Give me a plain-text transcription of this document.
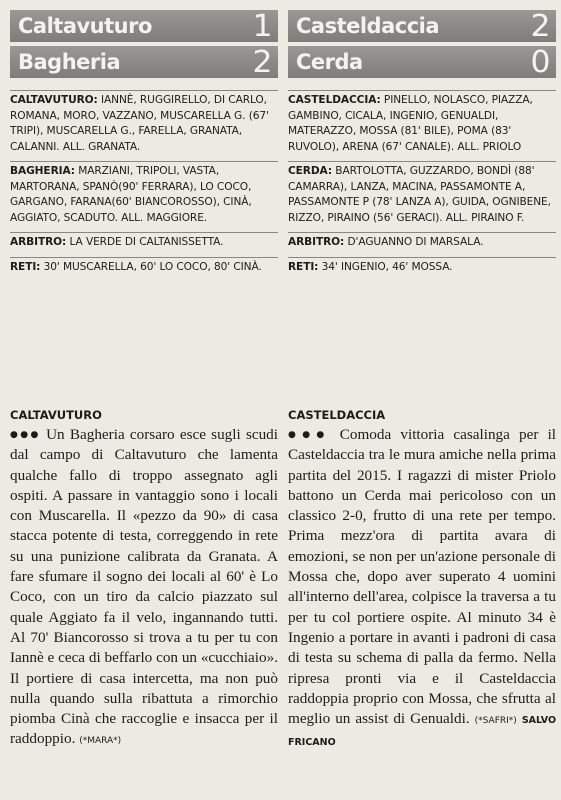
Caltavuturo	1
Bagheria	2
CALTAVUTURO: IANNÈ, RUGGIRELLO, DI CARLO, ROMANA, MORO, VAZZANO, MUSCARELLA G. (67' TRIPI), MUSCARELLA G., FARELLA, GRANATA, CALANNI. ALL. GRANATA.
BAGHERIA: MARZIANI, TRIPOLI, VASTA, MARTORANA, SPANÒ(90' FERRARA), LO COCO, GARGANO, FARANA(60' BIANCOROSSO), CINÀ, AGGIATO, SCADUTO. ALL. MAGGIORE.
ARBITRO: LA VERDE DI CALTANISSETTA.
RETI: 30' MUSCARELLA, 60' LO COCO, 80' CINÀ.
Casteldaccia	2
Cerda	0
CASTELDACCIA: PINELLO, NOLASCO, PIAZZA, GAMBINO, CICALA, INGENIO, GENUALDI, MATERAZZO, MOSSA (81' BILE), POMA (83' RUVOLO), ARENA (67' CANALE). ALL. PRIOLO
CERDA: BARTOLOTTA, GUZZARDO, BONDÌ (88' CAMARRA), LANZA, MACINA, PASSAMONTE A, PASSAMONTE P (78' LANZA A), GUIDA, OGNIBENE, RIZZO, PIRAINO (56' GERACI). ALL. PIRAINO F.
ARBITRO: D'AGUANNO DI MARSALA.
RETI: 34' INGENIO, 46' MOSSA.
CALTAVUTURO
●●● Un Bagheria corsaro esce sugli scudi dal campo di Caltavuturo che lamenta qualche fallo di troppo assegnato agli ospiti. A passare in vantaggio sono i locali con Muscarella. Il «pezzo da 90» di casa stacca potente di testa, correggendo in rete su una punizione calibrata da Granata. A fare sfumare il sogno dei locali al 60' è Lo Coco, con un tiro da calcio piazzato sul quale Aggiato fa il velo, ingannando tutti. Al 70' Biancorosso si trova a tu per tu con Iannè e ceca di beffarlo con un «cucchiaio». Il portiere di casa intercetta, ma non può nulla quando sulla ribattuta a rimorchio piomba Cinà che raccoglie e insacca per il raddoppio. (*MARA*)
CASTELDACCIA
●●● Comoda vittoria casalinga per il Casteldaccia tra le mura amiche nella prima partita del 2015. I ragazzi di mister Priolo battono un Cerda mai pericoloso con un classico 2-0, frutto di una rete per tempo. Prima mezz'ora di partita avara di emozioni, se non per un'azione personale di Mossa che, dopo aver superato 4 uomini all'interno dell'area, colpisce la traversa a tu per tu col portiere ospite. Al minuto 34 è Ingenio a portare in avanti i padroni di casa di testa su schema di palla da fermo. Nella ripresa pronti via e il Casteldaccia raddoppia proprio con Mossa, che sfrutta al meglio un assist di Genualdi. (*SAFRI*) SALVO FRICANO
